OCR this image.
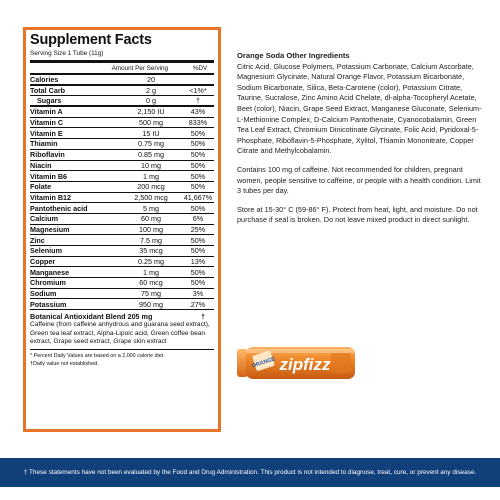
Supplement Facts
Serving Size 1 Tube (11g)
Amount Per Serving	%DV
Calories	20
Total Carb	2 g	<1%*
Sugars	0 g	†
Vitamin A	2,150 IU	43%
Vitamin C	500 mg	833%
Vitamin E	15 IU	50%
Thiamin	0.75 mg	50%
Riboflavin	0.85 mg	50%
Niacin	10 mg	50%
Vitamin B6	1 mg	50%
Folate	200 mcg	50%
Vitamin B12	2,500 mcg	41,667%
Pantothenic acid	5 mg	50%
Calcium	60 mg	6%
Magnesium	100 mg	25%
Zinc	7.5 mg	50%
Selenium	35 mcg	50%
Copper	0.25 mg	13%
Manganese	1 mg	50%
Chromium	60 mcg	50%
Sodium	75 mg	3%
Potassium	950 mg	27%
Botanical Antioxidant Blend 205 mg	†
Caffeine (from caffeine anhydrous and guarana seed extract), Green tea leaf extract, Alpha-Lipoic acid, Green coffee bean extract, Grape seed extract, Grape skin extract
* Percent Daily Values are based on a 2,000 calorie diet.
†Daily value not established.
Orange Soda Other Ingredients

Citric Acid, Glucose Polymers, Potassium Carbonate, Calcium Ascorbate, Magnesium Glycinate, Natural Orange Flavor, Potassium Bicarbonate, Sodium Bicarbonate, Silica, Beta-Carotene (color), Potassium Citrate, Taurine, Sucralose, Zinc Amino Acid Chelate, dl-alpha-Tocopheryl Acetate, Beet (color), Niacin, Grape Seed Extract, Manganese Gluconate, Selenium-L-Methionine Complex, D-Calcium Pantothenate, Cyanocobalamin, Green Tea Leaf Extract, Chromium Dinicotinate Glycinate, Folic Acid, Pyridoxal-5-Phosphate, Riboflavin-5-Phosphate, Xylitol, Thiamin Mononitrate, Copper Citrate and Methylcobalamin.

Contains 100 mg of caffeine. Not recommended for children, pregnant women, people sensitive to caffeine, or people with a health condition. Limit 3 tubes per day.

Store at 15-30° C (59-86° F). Protect from heat, light, and moisture. Do not purchase if seal is broken. Do not leave mixed product in direct sunlight.

ORANGE zipfizz
† These statements have not been evaluated by the Food and Drug Administration. This product is not intended to diagnose, treat, cure, or prevent any disease.
